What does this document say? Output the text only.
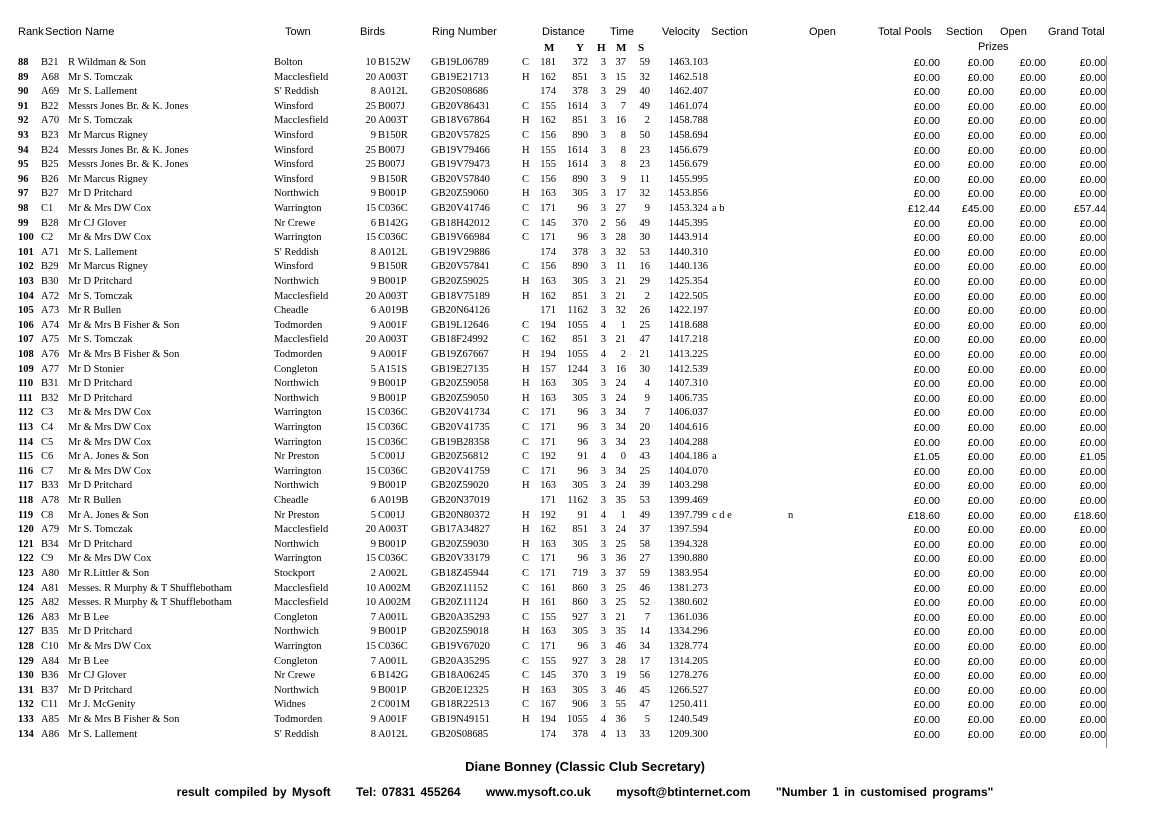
Rank Section Name	Town	Birds	Ring Number	Distance Time	Velocity Section	Open	Total Pools Section Open Grand Total
Prizes
M Y H M S
88	B21 R Wildman & Son	Bolton	10 B152W	GB19L06789	C	181	372	3 37	59	1463.103	£0.00	£0.00	£0.00	£0.00
89	A68 Mr S. Tomczak	Macclesfield	20 A003T	GB19E21713	H	162	851	3 15	32	1462.518	£0.00	£0.00	£0.00	£0.00
90	A69 Mr S. Lallement	S' Reddish	8 A012L	GB20S08686	174	378	3 29	40	1462.407	£0.00	£0.00	£0.00	£0.00
91	B22 Messrs Jones Br. & K. Jones	Winsford	25 B007J	GB20V86431	C	155	1614	3	7	49	1461.074	£0.00	£0.00	£0.00	£0.00
92	A70 Mr S. Tomczak	Macclesfield	20 A003T	GB18V67864	H	162	851	3 16	2	1458.788	£0.00	£0.00	£0.00	£0.00
93	B23 Mr Marcus Rigney	Winsford	9 B150R	GB20V57825	C	156	890	3	8	50	1458.694	£0.00	£0.00	£0.00	£0.00
94	B24 Messrs Jones Br. & K. Jones	Winsford	25 B007J	GB19V79466	H	155	1614	3	8	23	1456.679	£0.00	£0.00	£0.00	£0.00
95	B25 Messrs Jones Br. & K. Jones	Winsford	25 B007J	GB19V79473	H	155	1614	3	8	23	1456.679	£0.00	£0.00	£0.00	£0.00
96	B26 Mr Marcus Rigney	Winsford	9 B150R	GB20V57840	C	156	890	3	9	11	1455.995	£0.00	£0.00	£0.00	£0.00
97	B27 Mr D Pritchard	Northwich	9 B001P	GB20Z59060	H	163	305	3 17	32	1453.856	£0.00	£0.00	£0.00	£0.00
98	C1	Mr & Mrs DW Cox	Warrington	15 C036C	GB20V41746	C	171	96	3 27	9	1453.324 a b	£12.44	£45.00	£0.00	£57.44
99	B28 Mr CJ Glover	Nr Crewe	6 B142G	GB18H42012	C	145	370	2 56	49	1445.395	£0.00	£0.00	£0.00	£0.00
100 C2	Mr & Mrs DW Cox	Warrington	15 C036C	GB19V66984	C	171	96	3 28	30	1443.914	£0.00	£0.00	£0.00	£0.00
101 A71 Mr S. Lallement	S' Reddish	8 A012L	GB19V29886	174	378	3 32	53	1440.310	£0.00	£0.00	£0.00	£0.00
102 B29 Mr Marcus Rigney	Winsford	9 B150R	GB20V57841	C	156	890	3 11	16	1440.136	£0.00	£0.00	£0.00	£0.00
103 B30 Mr D Pritchard	Northwich	9 B001P	GB20Z59025	H	163	305	3 21	29	1425.354	£0.00	£0.00	£0.00	£0.00
104 A72 Mr S. Tomczak	Macclesfield	20 A003T	GB18V75189	H	162	851	3 21	2	1422.505	£0.00	£0.00	£0.00	£0.00
105 A73 Mr R Bullen	Cheadle	6 A019B	GB20N64126	171	1162	3 32	26	1422.197	£0.00	£0.00	£0.00	£0.00
106 A74 Mr & Mrs B Fisher & Son	Todmorden	9 A001F	GB19L12646	C	194	1055	4	1	25	1418.688	£0.00	£0.00	£0.00	£0.00
107 A75 Mr S. Tomczak	Macclesfield	20 A003T	GB18F24992	C	162	851	3 21	47	1417.218	£0.00	£0.00	£0.00	£0.00
108 A76 Mr & Mrs B Fisher & Son	Todmorden	9 A001F	GB19Z67667	H	194	1055	4	2	21	1413.225	£0.00	£0.00	£0.00	£0.00
109 A77 Mr D Stonier	Congleton	5 A151S	GB19E27135	H	157	1244	3 16	30	1412.539	£0.00	£0.00	£0.00	£0.00
110 B31 Mr D Pritchard	Northwich	9 B001P	GB20Z59058	H	163	305	3 24	4	1407.310	£0.00	£0.00	£0.00	£0.00
111 B32 Mr D Pritchard	Northwich	9 B001P	GB20Z59050	H	163	305	3 24	9	1406.735	£0.00	£0.00	£0.00	£0.00
112 C3	Mr & Mrs DW Cox	Warrington	15 C036C	GB20V41734	C	171	96	3 34	7	1406.037	£0.00	£0.00	£0.00	£0.00
113 C4	Mr & Mrs DW Cox	Warrington	15 C036C	GB20V41735	C	171	96	3 34	20	1404.616	£0.00	£0.00	£0.00	£0.00
114 C5	Mr & Mrs DW Cox	Warrington	15 C036C	GB19B28358	C	171	96	3 34	23	1404.288	£0.00	£0.00	£0.00	£0.00
115 C6	Mr A. Jones & Son	Nr Preston	5 C001J	GB20Z56812	C	192	91	4	0	43	1404.186 a	£1.05	£0.00	£0.00	£1.05
116 C7	Mr & Mrs DW Cox	Warrington	15 C036C	GB20V41759	C	171	96	3 34	25	1404.070	£0.00	£0.00	£0.00	£0.00
117 B33 Mr D Pritchard	Northwich	9 B001P	GB20Z59020	H	163	305	3 24	39	1403.298	£0.00	£0.00	£0.00	£0.00
118 A78 Mr R Bullen	Cheadle	6 A019B	GB20N37019	171	1162	3 35	53	1399.469	£0.00	£0.00	£0.00	£0.00
119 C8	Mr A. Jones & Son	Nr Preston	5 C001J	GB20N80372	H	192	91	4	1	49	1397.799 c d e	n	£18.60	£0.00	£0.00	£18.60
120 A79 Mr S. Tomczak	Macclesfield	20 A003T	GB17A34827	H	162	851	3 24	37	1397.594	£0.00	£0.00	£0.00	£0.00
121 B34 Mr D Pritchard	Northwich	9 B001P	GB20Z59030	H	163	305	3 25	58	1394.328	£0.00	£0.00	£0.00	£0.00
122 C9	Mr & Mrs DW Cox	Warrington	15 C036C	GB20V33179	C	171	96	3 36	27	1390.880	£0.00	£0.00	£0.00	£0.00
123 A80 Mr R.Littler & Son	Stockport	2 A002L	GB18Z45944	C	171	719	3 37	59	1383.954	£0.00	£0.00	£0.00	£0.00
124 A81 Messes. R Murphy & T Shufflebotham	Macclesfield	10 A002M	GB20Z11152	C	161	860	3 25	46	1381.273	£0.00	£0.00	£0.00	£0.00
125 A82 Messes. R Murphy & T Shufflebotham	Macclesfield	10 A002M	GB20Z11124	H	161	860	3 25	52	1380.602	£0.00	£0.00	£0.00	£0.00
126 A83 Mr B Lee	Congleton	7 A001L	GB20A35293	C	155	927	3 21	7	1361.036	£0.00	£0.00	£0.00	£0.00
127 B35 Mr D Pritchard	Northwich	9 B001P	GB20Z59018	H	163	305	3 35	14	1334.296	£0.00	£0.00	£0.00	£0.00
128 C10 Mr & Mrs DW Cox	Warrington	15 C036C	GB19V67020	C	171	96	3 46	34	1328.774	£0.00	£0.00	£0.00	£0.00
129 A84 Mr B Lee	Congleton	7 A001L	GB20A35295	C	155	927	3 28	17	1314.205	£0.00	£0.00	£0.00	£0.00
130 B36 Mr CJ Glover	Nr Crewe	6 B142G	GB18A06245	C	145	370	3 19	56	1278.276	£0.00	£0.00	£0.00	£0.00
131 B37 Mr D Pritchard	Northwich	9 B001P	GB20E12325	H	163	305	3 46	45	1266.527	£0.00	£0.00	£0.00	£0.00
132 C11 Mr J. McGenity	Widnes	2 C001M	GB18R22513	C	167	906	3 55	47	1250.411	£0.00	£0.00	£0.00	£0.00
133 A85 Mr & Mrs B Fisher & Son	Todmorden	9 A001F	GB19N49151	H	194	1055	4 36	5	1240.549	£0.00	£0.00	£0.00	£0.00
134 A86 Mr S. Lallement	S' Reddish	8 A012L	GB20S08685	174	378	4 13	33	1209.300	£0.00	£0.00	£0.00	£0.00
Diane Bonney (Classic Club Secretary)
result compiled by Mysoft Tel: 07831 455264 www.mysoft.co.uk mysoft@btinternet.com "Number 1 in customised programs"
